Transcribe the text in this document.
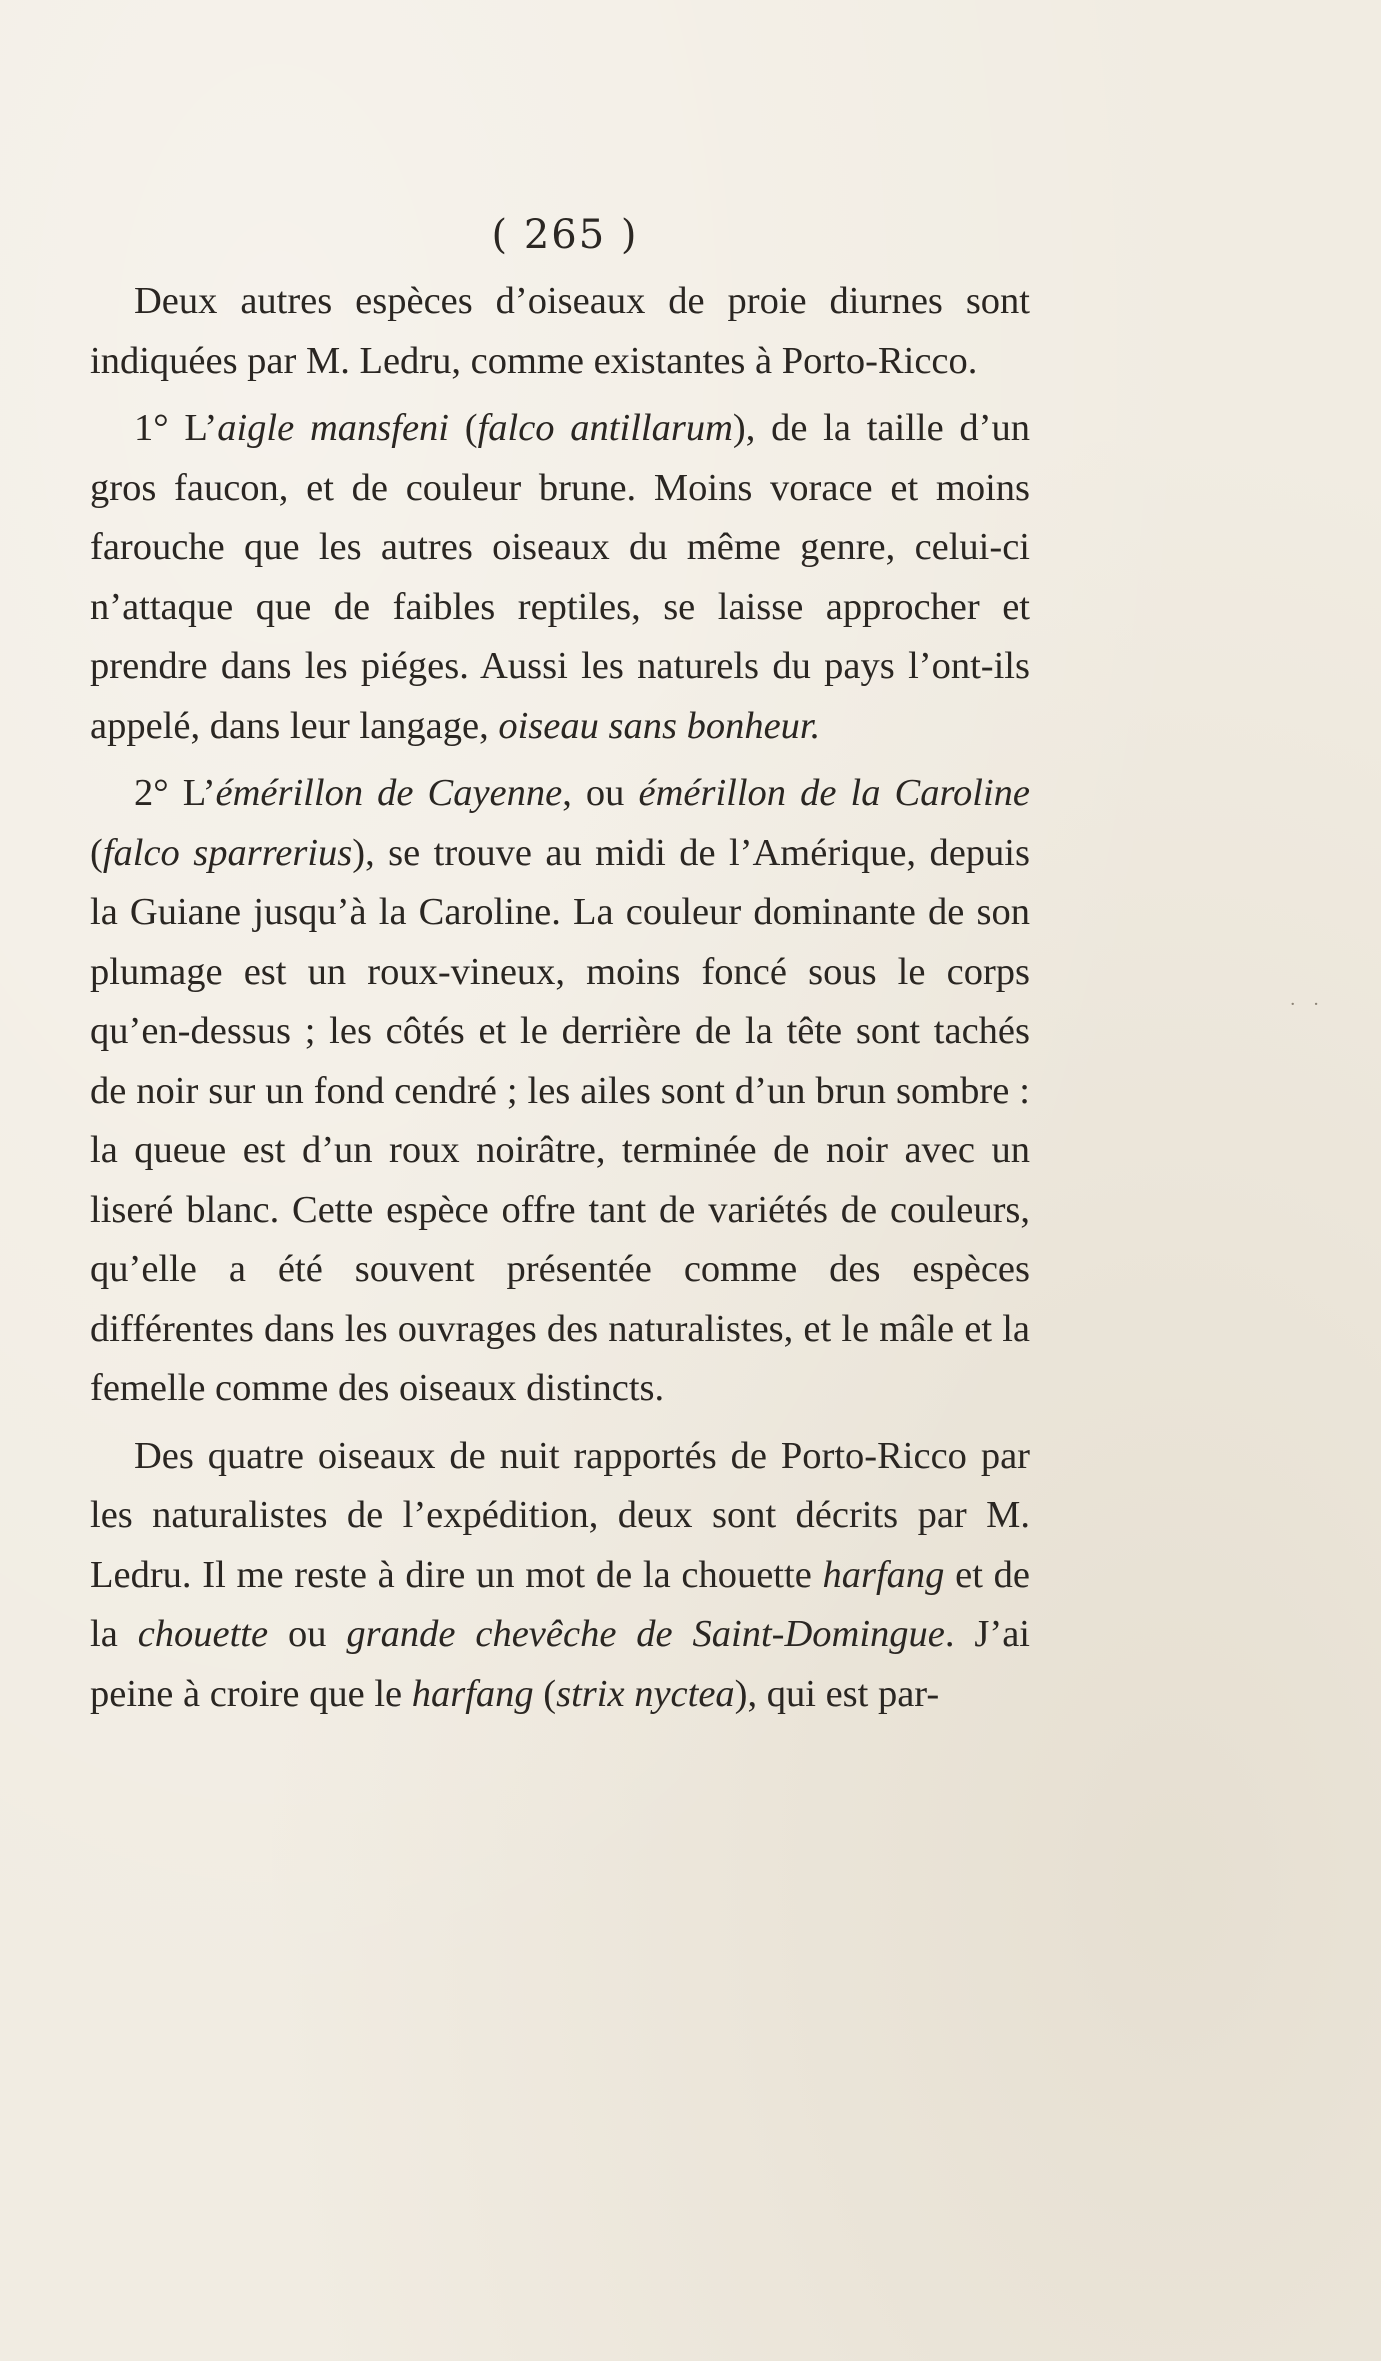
( 265 )

Deux autres espèces d’oiseaux de proie diurnes sont indiquées par M. Ledru, comme existantes à Porto-Ricco.

1° L’aigle mansfeni (falco antillarum), de la taille d’un gros faucon, et de couleur brune. Moins vorace et moins farouche que les autres oiseaux du même genre, celui-ci n’attaque que de faibles reptiles, se laisse approcher et prendre dans les piéges. Aussi les naturels du pays l’ont-ils appelé, dans leur langage, oiseau sans bonheur.

2° L’émérillon de Cayenne, ou émérillon de la Caroline (falco sparrerius), se trouve au midi de l’Amérique, depuis la Guiane jusqu’à la Caroline. La couleur dominante de son plumage est un roux-vineux, moins foncé sous le corps qu’en-dessus ; les côtés et le derrière de la tête sont tachés de noir sur un fond cendré ; les ailes sont d’un brun sombre : la queue est d’un roux noirâtre, terminée de noir avec un liseré blanc. Cette espèce offre tant de variétés de couleurs, qu’elle a été souvent présentée comme des espèces différentes dans les ouvrages des naturalistes, et le mâle et la femelle comme des oiseaux distincts.

Des quatre oiseaux de nuit rapportés de Porto-Ricco par les naturalistes de l’expédition, deux sont décrits par M. Ledru. Il me reste à dire un mot de la chouette harfang et de la chouette ou grande chevêche de Saint-Domingue. J’ai peine à croire que le harfang (strix nyctea), qui est par-

· ·
